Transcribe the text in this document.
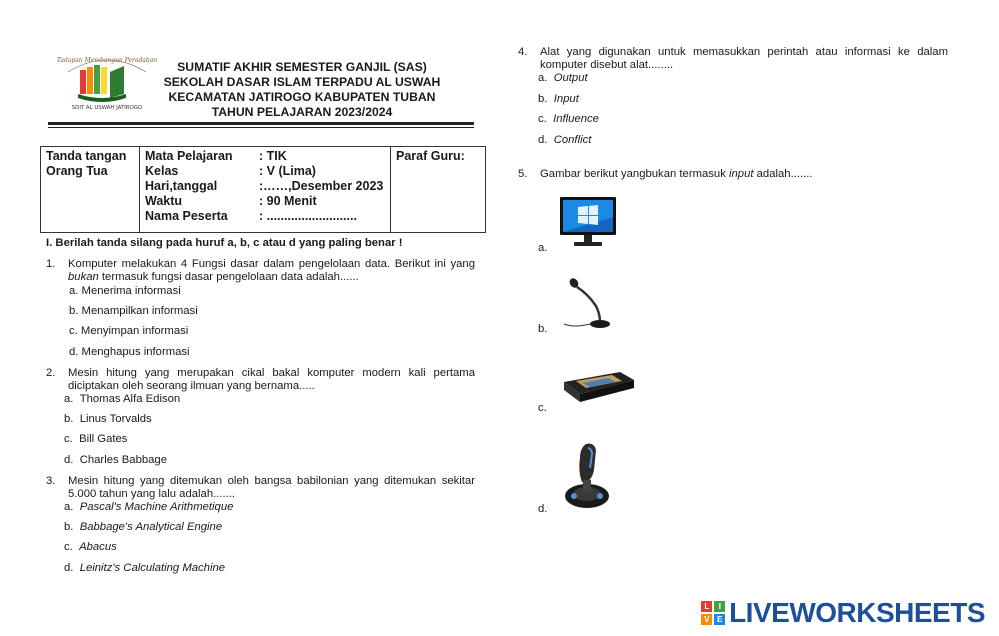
Tadapan Membangun Peradaban
SDIT AL USWAH JATIROGO
SUMATIF AKHIR SEMESTER GANJIL (SAS)
SEKOLAH DASAR ISLAM TERPADU AL USWAH
KECAMATAN JATIROGO KABUPATEN TUBAN
TAHUN PELAJARAN 2023/2024
Tanda tangan Orang Tua	
Mata Pelajaran	: TIK
Kelas	: V (Lima)
Hari,tanggal	:……,Desember 2023
Waktu	: 90 Menit
Nama Peserta	: ..........................
	Paraf Guru:
I. Berilah tanda silang pada huruf a, b, c atau d yang paling benar !
1.	Komputer melakukan 4 Fungsi dasar dalam pengelolaan data. Berikut ini yang bukan termasuk fungsi dasar pengelolaan data adalah......
a. Menerima informasi
b. Menampilkan informasi
c. Menyimpan informasi
d. Menghapus informasi
2.	Mesin hitung yang merupakan cikal bakal komputer modern kali pertama diciptakan oleh seorang ilmuan yang bernama.....
a. Thomas Alfa Edison
b. Linus Torvalds
c. Bill Gates
d. Charles Babbage
3.	Mesin hitung yang ditemukan oleh bangsa babilonian yang ditemukan sekitar 5.000 tahun yang lalu adalah.......
a. Pascal's Machine Arithmetique
b. Babbage's Analytical Engine
c. Abacus
d. Leinitz's Calculating Machine
4.	Alat yang digunakan untuk memasukkan perintah atau informasi ke dalam komputer disebut alat........
a. Output
b. Input
c. Influence
d. Conflict
5.	Gambar berikut yangbukan termasuk input adalah.......
a.
b.
c.
d.
L	I
V	E LIVEWORKSHEETS
